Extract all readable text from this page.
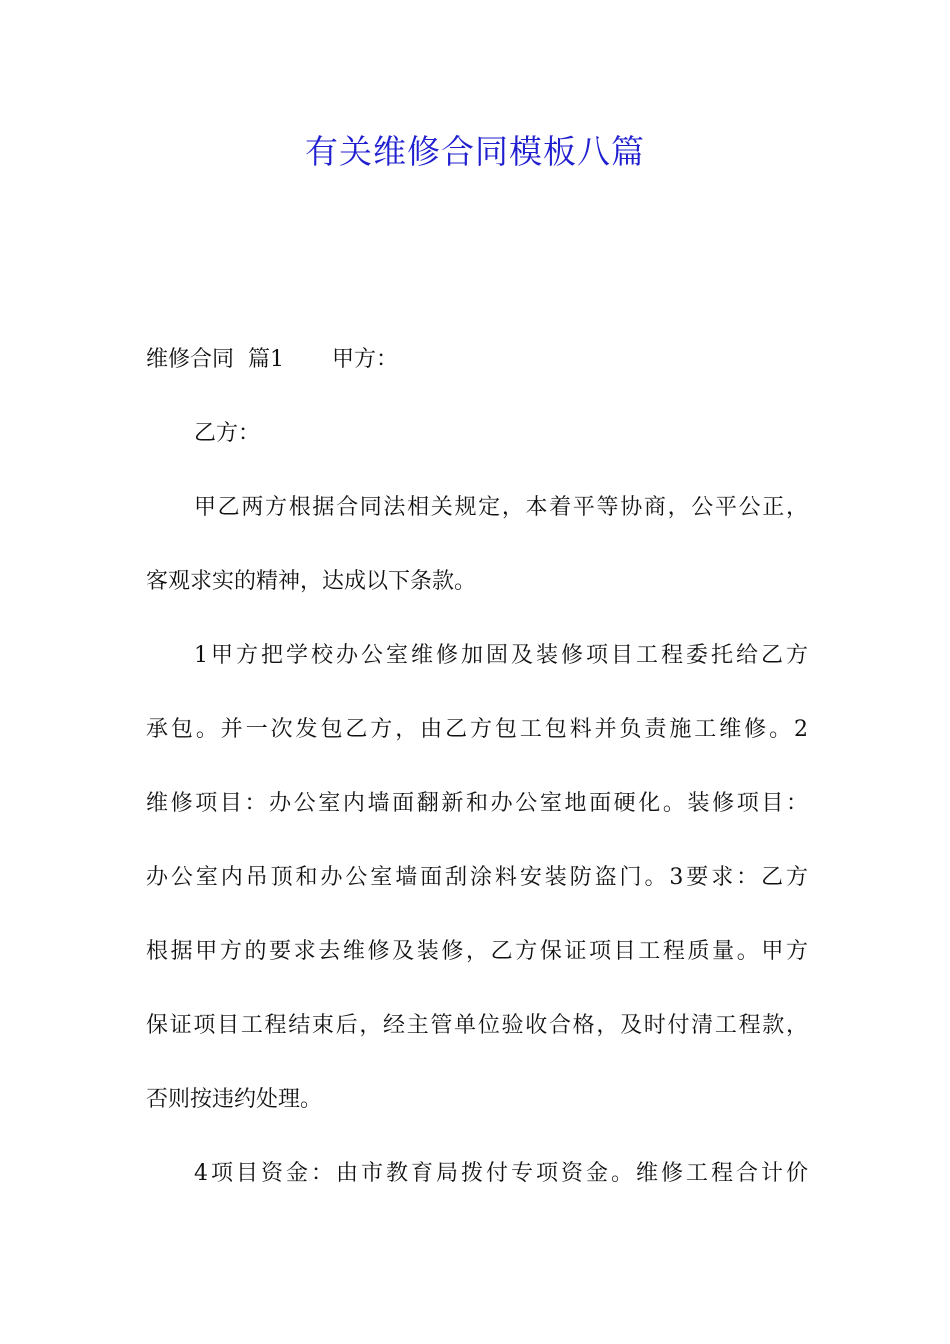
有关维修合同模板八篇
维修合同  篇1 甲方：
乙方：
甲乙两方根据合同法相关规定，本着平等协商，公平公正，
客观求实的精神，达成以下条款。
1甲方把学校办公室维修加固及装修项目工程委托给乙方
承包。并一次发包乙方，由乙方包工包料并负责施工维修。2
维修项目：办公室内墙面翻新和办公室地面硬化。装修项目：
办公室内吊顶和办公室墙面刮涂料安装防盗门。3要求：乙方
根据甲方的要求去维修及装修，乙方保证项目工程质量。甲方
保证项目工程结束后，经主管单位验收合格，及时付清工程款，
否则按违约处理。
4项目资金：由市教育局拨付专项资金。维修工程合计价
